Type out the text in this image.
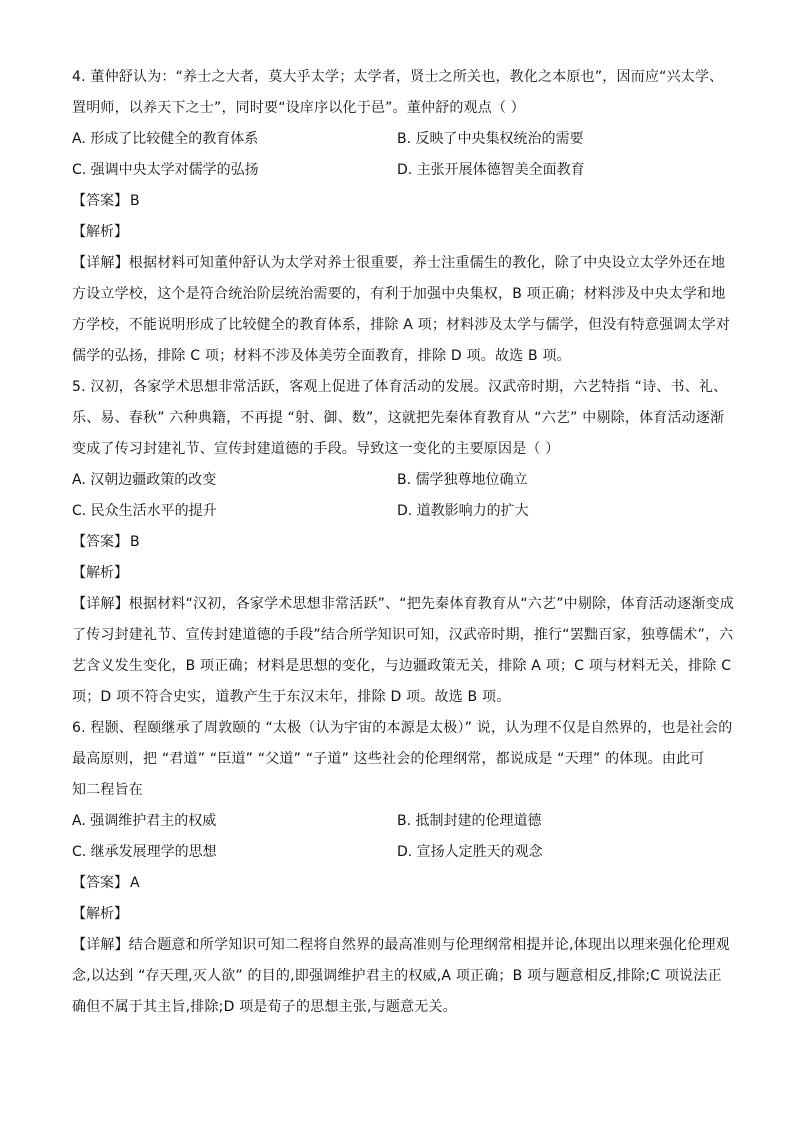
4. 董仲舒认为：“养士之大者，莫大乎太学；太学者，贤士之所关也，教化之本原也”，因而应“兴太学、
置明师，以养天下之士”，同时要“设庠序以化于邑”。董仲舒的观点（ ）
A. 形成了比较健全的教育体系	B. 反映了中央集权统治的需要
C. 强调中央太学对儒学的弘扬	D. 主张开展体德智美全面教育
【答案】 B
【解析】
【详解】根据材料可知董仲舒认为太学对养士很重要，养士注重儒生的教化，除了中央设立太学外还在地
方设立学校，这个是符合统治阶层统治需要的，有利于加强中央集权，B 项正确；材料涉及中央太学和地
方学校，不能说明形成了比较健全的教育体系，排除 A 项；材料涉及太学与儒学，但没有特意强调太学对
儒学的弘扬，排除 C 项；材料不涉及体美劳全面教育，排除 D 项。故选 B 项。
5. 汉初，各家学术思想非常活跃，客观上促进了体育活动的发展。汉武帝时期，六艺特指 “诗、书、礼、
乐、易、春秋” 六种典籍，不再提 “射、御、数”，这就把先秦体育教育从 “六艺” 中剔除，体育活动逐渐
变成了传习封建礼节、宣传封建道德的手段。导致这一变化的主要原因是（ ）
A. 汉朝边疆政策的改变	B. 儒学独尊地位确立
C. 民众生活水平的提升	D. 道教影响力的扩大
【答案】 B
【解析】
【详解】根据材料“汉初，各家学术思想非常活跃”、“把先秦体育教育从“六艺”中剔除，体育活动逐渐变成
了传习封建礼节、宣传封建道德的手段”结合所学知识可知，汉武帝时期，推行“罢黜百家，独尊儒术”，六
艺含义发生变化，B 项正确；材料是思想的变化，与边疆政策无关，排除 A 项；C 项与材料无关，排除 C
项；D 项不符合史实，道教产生于东汉末年，排除 D 项。故选 B 项。
6. 程颢、程颐继承了周敦颐的 “太极（认为宇宙的本源是太极）” 说，认为理不仅是自然界的，也是社会的
最高原则，把 “君道” “臣道” “父道” “子道” 这些社会的伦理纲常，都说成是 “天理” 的体现。由此可
知二程旨在
A. 强调维护君主的权威	B. 抵制封建的伦理道德
C. 继承发展理学的思想	D. 宣扬人定胜天的观念
【答案】 A
【解析】
【详解】结合题意和所学知识可知二程将自然界的最高准则与伦理纲常相提并论,体现出以理来强化伦理观
念,以达到 “存天理,灭人欲” 的目的,即强调维护君主的权威,A 项正确；B 项与题意相反,排除;C 项说法正
确但不属于其主旨,排除;D 项是荀子的思想主张,与题意无关。
